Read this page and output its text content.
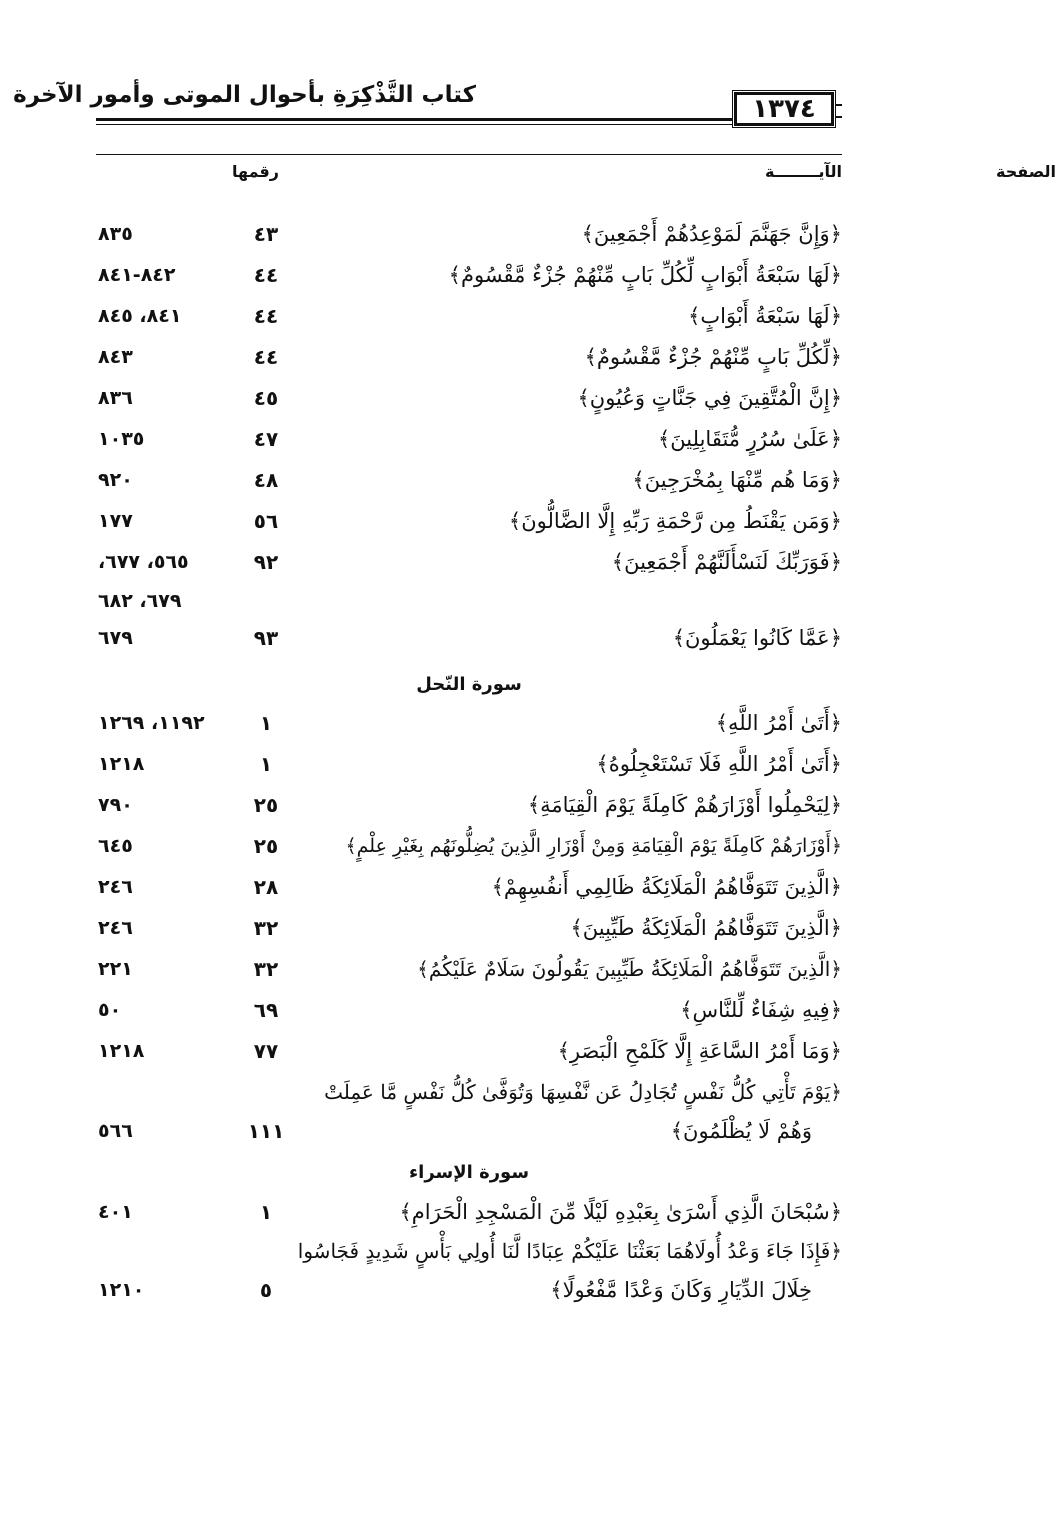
كتاب التَّذْكِرَةِ بأحوال الموتى وأمور الآخرة	١٣٧٤
الآيــــــــة
رقمها	الصفحة
﴿وَإِنَّ جَهَنَّمَ لَمَوْعِدُهُمْ أَجْمَعِينَ﴾
٤٣
٨٣٥
﴿لَهَا سَبْعَةُ أَبْوَابٍ لِّكُلِّ بَابٍ مِّنْهُمْ جُزْءٌ مَّقْسُومٌ﴾
٤٤
٨٤٢-٨٤١
﴿لَهَا سَبْعَةُ أَبْوَابٍ﴾
٤٤
٨٤١، ٨٤٥
﴿لِّكُلِّ بَابٍ مِّنْهُمْ جُزْءٌ مَّقْسُومٌ﴾
٤٤
٨٤٣
﴿إِنَّ الْمُتَّقِينَ فِي جَنَّاتٍ وَعُيُونٍ﴾
٤٥
٨٣٦
﴿عَلَىٰ سُرُرٍ مُّتَقَابِلِينَ﴾
٤٧
١٠٣٥
﴿وَمَا هُم مِّنْهَا بِمُخْرَجِينَ﴾
٤٨
٩٢٠
﴿وَمَن يَقْنَطُ مِن رَّحْمَةِ رَبِّهِ إِلَّا الضَّالُّونَ﴾
٥٦
١٧٧
﴿فَوَرَبِّكَ لَنَسْأَلَنَّهُمْ أَجْمَعِينَ﴾
٩٢
٥٦٥، ٦٧٧،
٦٧٩، ٦٨٢
﴿عَمَّا كَانُوا يَعْمَلُونَ﴾
٩٣
٦٧٩
سورة النّحل
﴿أَتَىٰ أَمْرُ اللَّهِ﴾
١
١١٩٢، ١٢٦٩
﴿أَتَىٰ أَمْرُ اللَّهِ فَلَا تَسْتَعْجِلُوهُ﴾
١
١٢١٨
﴿لِيَحْمِلُوا أَوْزَارَهُمْ كَامِلَةً يَوْمَ الْقِيَامَةِ﴾
٢٥
٧٩٠
﴿أَوْزَارَهُمْ كَامِلَةً يَوْمَ الْقِيَامَةِ وَمِنْ أَوْزَارِ الَّذِينَ يُضِلُّونَهُم بِغَيْرِ عِلْمٍ﴾
٢٥
٦٤٥
﴿الَّذِينَ تَتَوَفَّاهُمُ الْمَلَائِكَةُ ظَالِمِي أَنفُسِهِمْ﴾
٢٨
٢٤٦
﴿الَّذِينَ تَتَوَفَّاهُمُ الْمَلَائِكَةُ طَيِّبِينَ﴾
٣٢
٢٤٦
﴿الَّذِينَ تَتَوَفَّاهُمُ الْمَلَائِكَةُ طَيِّبِينَ يَقُولُونَ سَلَامٌ عَلَيْكُمُ﴾
٣٢
٢٢١
﴿فِيهِ شِفَاءٌ لِّلنَّاسِ﴾
٦٩
٥٠
﴿وَمَا أَمْرُ السَّاعَةِ إِلَّا كَلَمْحِ الْبَصَرِ﴾
٧٧
١٢١٨
﴿يَوْمَ تَأْتِي كُلُّ نَفْسٍ تُجَادِلُ عَن نَّفْسِهَا وَتُوَفَّىٰ كُلُّ نَفْسٍ مَّا عَمِلَتْ
وَهُمْ لَا يُظْلَمُونَ﴾
١١١
٥٦٦
سورة الإسراء
﴿سُبْحَانَ الَّذِي أَسْرَىٰ بِعَبْدِهِ لَيْلًا مِّنَ الْمَسْجِدِ الْحَرَامِ﴾
١
٤٠١
﴿فَإِذَا جَاءَ وَعْدُ أُولَاهُمَا بَعَثْنَا عَلَيْكُمْ عِبَادًا لَّنَا أُولِي بَأْسٍ شَدِيدٍ فَجَاسُوا
خِلَالَ الدِّيَارِ وَكَانَ وَعْدًا مَّفْعُولًا﴾
٥
١٢١٠
